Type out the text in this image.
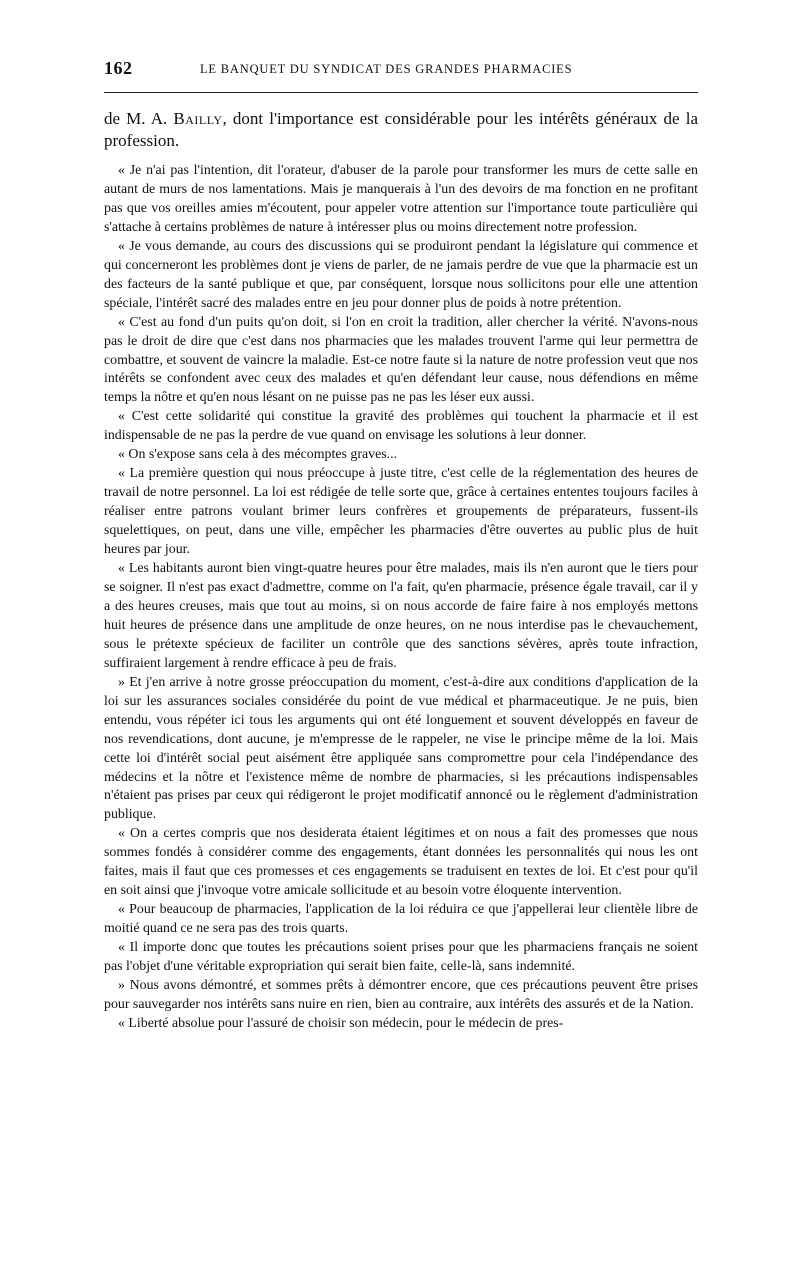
162	LE BANQUET DU SYNDICAT DES GRANDES PHARMACIES

de M. A. Bailly, dont l'importance est considérable pour les intérêts généraux de la profession.

« Je n'ai pas l'intention, dit l'orateur, d'abuser de la parole pour transformer les murs de cette salle en autant de murs de nos lamentations. Mais je manquerais à l'un des devoirs de ma fonction en ne profitant pas que vos oreilles amies m'écoutent, pour appeler votre attention sur l'importance toute particulière qui s'attache à certains problèmes de nature à intéresser plus ou moins directement notre profession.

« Je vous demande, au cours des discussions qui se produiront pendant la législature qui commence et qui concerneront les problèmes dont je viens de parler, de ne jamais perdre de vue que la pharmacie est un des facteurs de la santé publique et que, par conséquent, lorsque nous sollicitons pour elle une attention spéciale, l'intérêt sacré des malades entre en jeu pour donner plus de poids à notre prétention.

« C'est au fond d'un puits qu'on doit, si l'on en croit la tradition, aller chercher la vérité. N'avons-nous pas le droit de dire que c'est dans nos pharmacies que les malades trouvent l'arme qui leur permettra de combattre, et souvent de vaincre la maladie. Est-ce notre faute si la nature de notre profession veut que nos intérêts se confondent avec ceux des malades et qu'en défendant leur cause, nous défendions en même temps la nôtre et qu'en nous lésant on ne puisse pas ne pas les léser eux aussi.

« C'est cette solidarité qui constitue la gravité des problèmes qui touchent la pharmacie et il est indispensable de ne pas la perdre de vue quand on envisage les solutions à leur donner.

« On s'expose sans cela à des mécomptes graves...

« La première question qui nous préoccupe à juste titre, c'est celle de la réglementation des heures de travail de notre personnel. La loi est rédigée de telle sorte que, grâce à certaines ententes toujours faciles à réaliser entre patrons voulant brimer leurs confrères et groupements de préparateurs, fussent-ils squelettiques, on peut, dans une ville, empêcher les pharmacies d'être ouvertes au public plus de huit heures par jour.

« Les habitants auront bien vingt-quatre heures pour être malades, mais ils n'en auront que le tiers pour se soigner. Il n'est pas exact d'admettre, comme on l'a fait, qu'en pharmacie, présence égale travail, car il y a des heures creuses, mais que tout au moins, si on nous accorde de faire faire à nos employés mettons huit heures de présence dans une amplitude de onze heures, on ne nous interdise pas le chevauchement, sous le prétexte spécieux de faciliter un contrôle que des sanctions sévères, après toute infraction, suffiraient largement à rendre efficace à peu de frais.

» Et j'en arrive à notre grosse préoccupation du moment, c'est-à-dire aux conditions d'application de la loi sur les assurances sociales considérée du point de vue médical et pharmaceutique. Je ne puis, bien entendu, vous répéter ici tous les arguments qui ont été longuement et souvent développés en faveur de nos revendications, dont aucune, je m'empresse de le rappeler, ne vise le principe même de la loi. Mais cette loi d'intérêt social peut aisément être appliquée sans compromettre pour cela l'indépendance des médecins et la nôtre et l'existence même de nombre de pharmacies, si les précautions indispensables n'étaient pas prises par ceux qui rédigeront le projet modificatif annoncé ou le règlement d'administration publique.

« On a certes compris que nos desiderata étaient légitimes et on nous a fait des promesses que nous sommes fondés à considérer comme des engagements, étant données les personnalités qui nous les ont faites, mais il faut que ces promesses et ces engagements se traduisent en textes de loi. Et c'est pour qu'il en soit ainsi que j'invoque votre amicale sollicitude et au besoin votre éloquente intervention.

« Pour beaucoup de pharmacies, l'application de la loi réduira ce que j'appellerai leur clientèle libre de moitié quand ce ne sera pas des trois quarts.

« Il importe donc que toutes les précautions soient prises pour que les pharmaciens français ne soient pas l'objet d'une véritable expropriation qui serait bien faite, celle-là, sans indemnité.

» Nous avons démontré, et sommes prêts à démontrer encore, que ces précautions peuvent être prises pour sauvegarder nos intérêts sans nuire en rien, bien au contraire, aux intérêts des assurés et de la Nation.

« Liberté absolue pour l'assuré de choisir son médecin, pour le médecin de pres-
